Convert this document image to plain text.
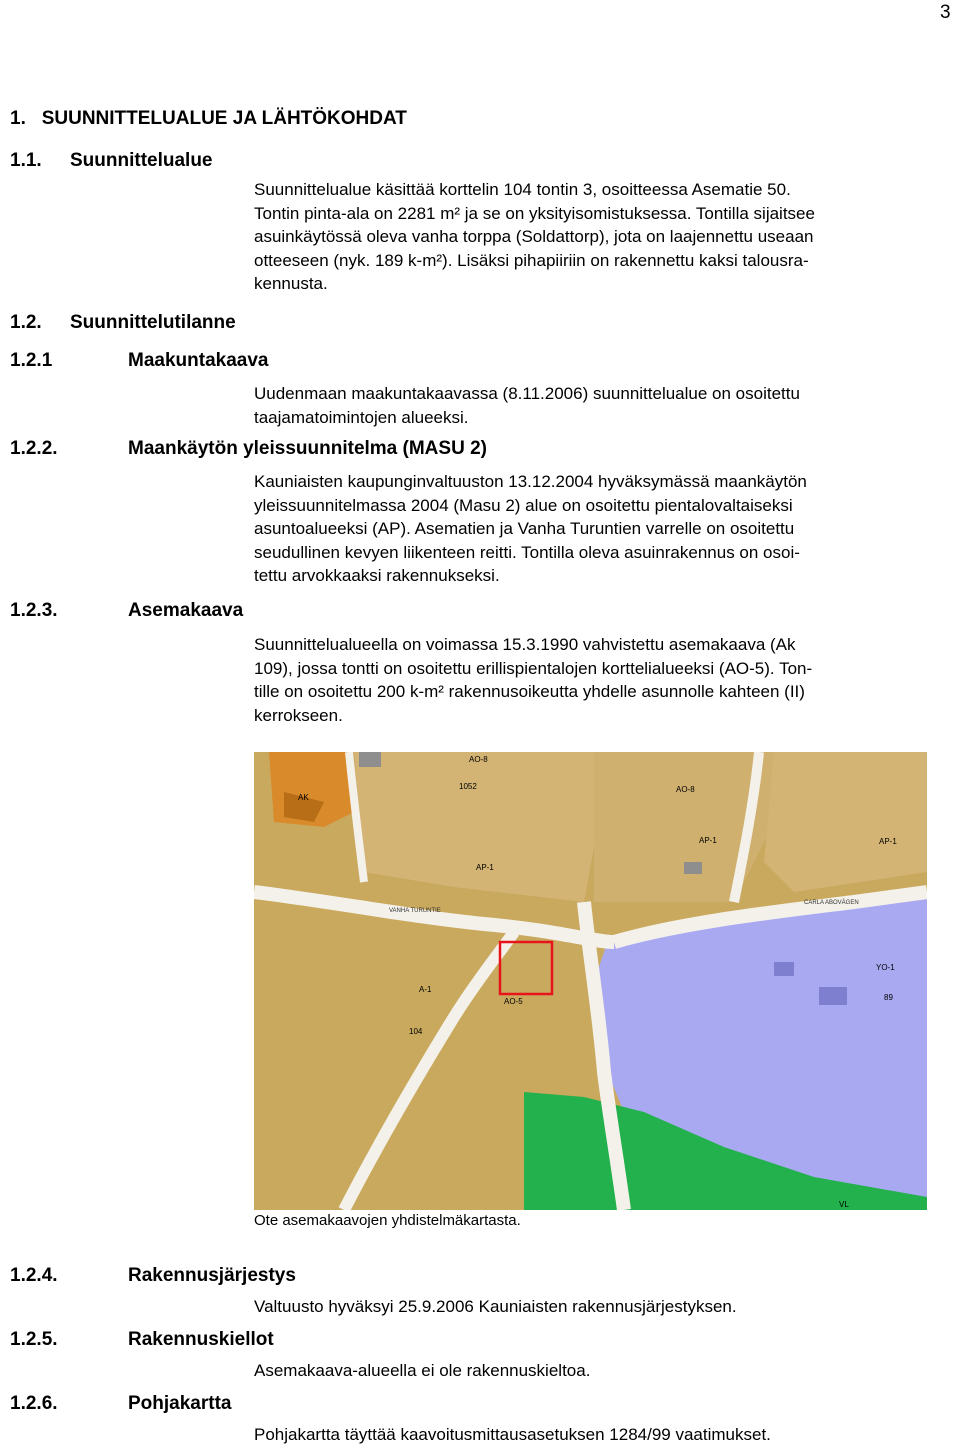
3
1. SUUNNITTELUALUE JA LÄHTÖKOHDAT
1.1. Suunnittelualue

Suunnittelualue käsittää korttelin 104 tontin 3, osoitteessa Asematie 50.

Tontin pinta-ala on 2281 m² ja se on yksityisomistuksessa. Tontilla sijaitsee

asuinkäytössä oleva vanha torppa (Soldattorp), jota on laajennettu useaan

otteeseen (nyk. 189 k-m²). Lisäksi pihapiiriin on rakennettu kaksi talousra-

kennusta.

1.2. Suunnittelutilanne
1.2.1	Maakuntakaava

Uudenmaan maakuntakaavassa (8.11.2006) suunnittelualue on osoitettu

taajamatoimintojen alueeksi.

1.2.2.	Maankäytön yleissuunnitelma (MASU 2)

Kauniaisten kaupunginvaltuuston 13.12.2004 hyväksymässä maankäytön

yleissuunnitelmassa 2004 (Masu 2) alue on osoitettu pientalovaltaiseksi

asuntoalueeksi (AP). Asematien ja Vanha Turuntien varrelle on osoitettu

seudullinen kevyen liikenteen reitti. Tontilla oleva asuinrakennus on osoi-

tettu arvokkaaksi rakennukseksi.

1.2.3.	Asemakaava

Suunnittelualueella on voimassa 15.3.1990 vahvistettu asemakaava (Ak

109), jossa tontti on osoitettu erillispientalojen korttelialueeksi (AO-5). Ton-

tille on osoitettu 200 k-m² rakennusoikeutta yhdelle asunnolle kahteen (II)

kerrokseen.

AK
AO-8
1052	AO-8
AP-1
AP-1
AP-1
VANHA TURUNTIE
CARLA ABOVÄGEN
A-1
AO-5
104
YO-1
89
VL
Ote asemakaavojen yhdistelmäkartasta.
1.2.4.	Rakennusjärjestys
Valtuusto hyväksyi 25.9.2006 Kauniaisten rakennusjärjestyksen.
1.2.5.	Rakennuskiellot
Asemakaava-alueella ei ole rakennuskieltoa.
1.2.6.	Pohjakartta
Pohjakartta täyttää kaavoitusmittausasetuksen 1284/99 vaatimukset.
